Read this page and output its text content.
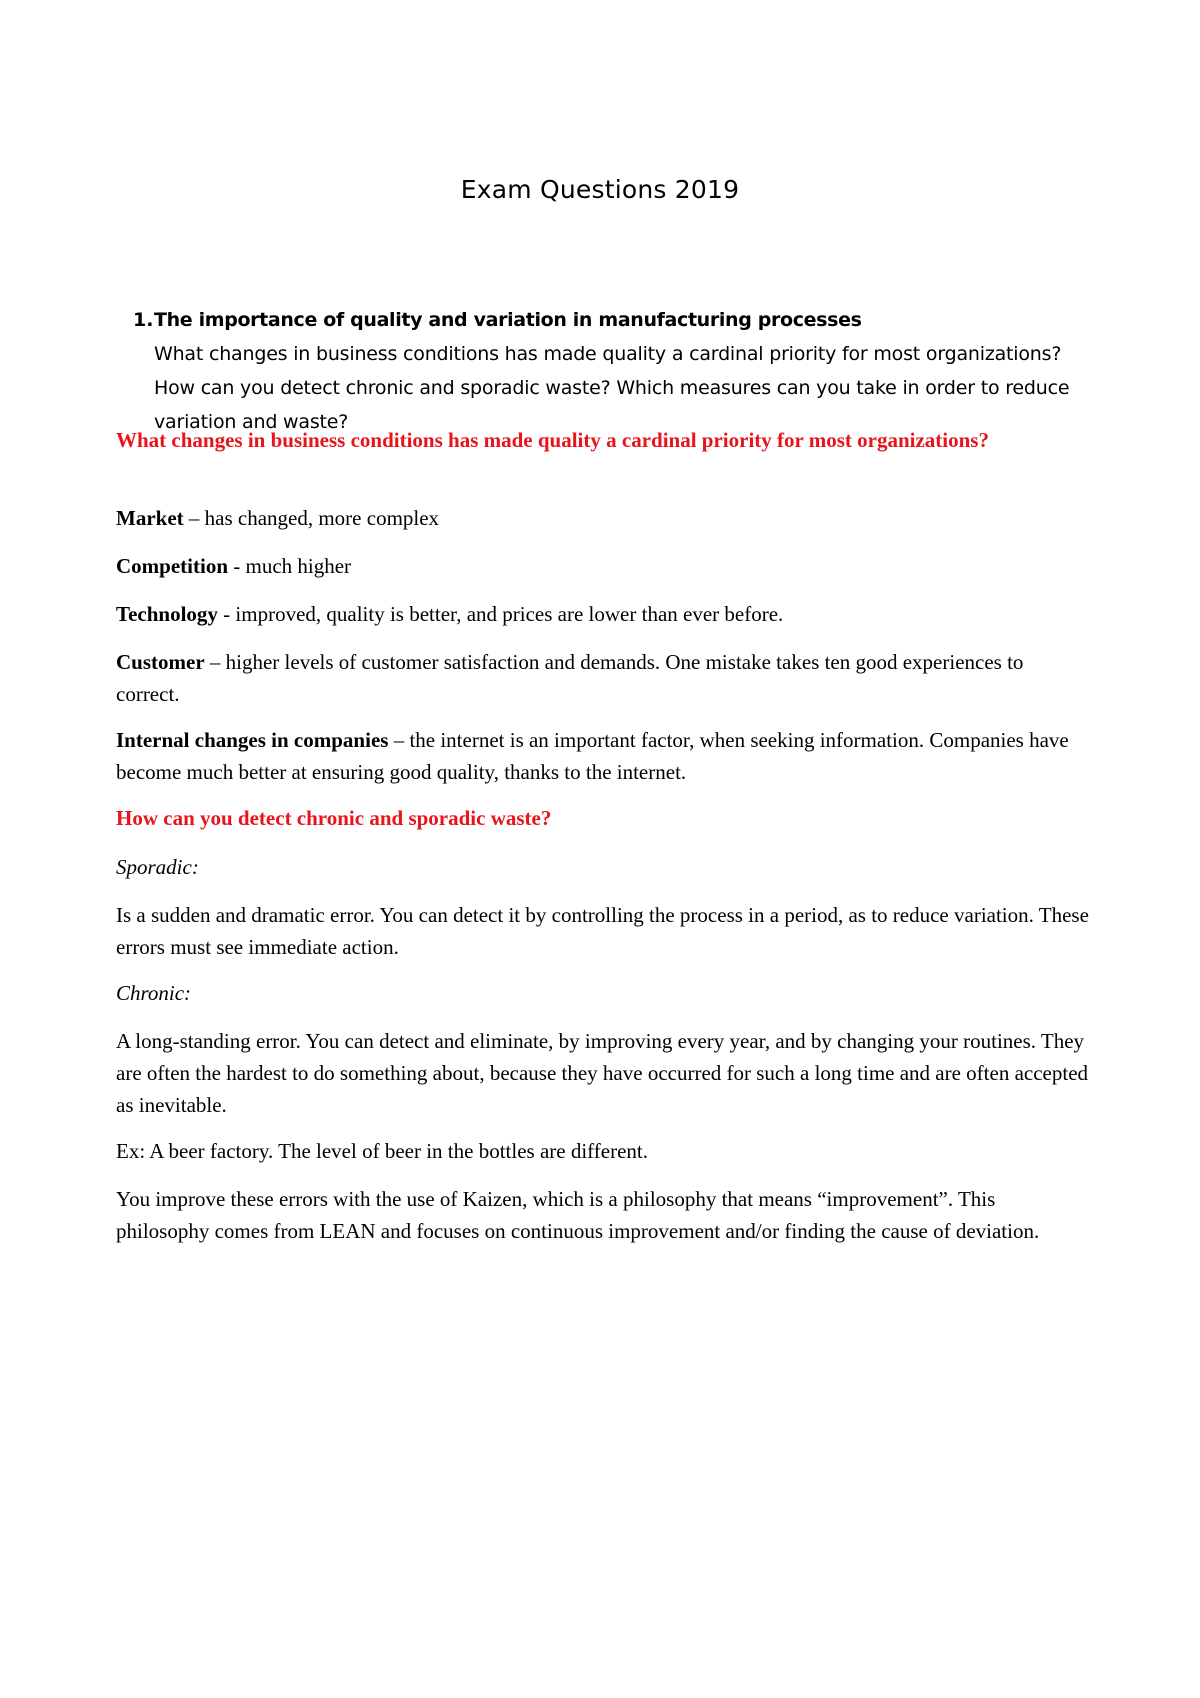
Exam Questions 2019
1. The importance of quality and variation in manufacturing processes
What changes in business conditions has made quality a cardinal priority for most organizations? How can you detect chronic and sporadic waste? Which measures can you take in order to reduce variation and waste?
What changes in business conditions has made quality a cardinal priority for most organizations?
Market – has changed, more complex
Competition - much higher
Technology - improved, quality is better, and prices are lower than ever before.
Customer – higher levels of customer satisfaction and demands. One mistake takes ten good experiences to correct.
Internal changes in companies – the internet is an important factor, when seeking information. Companies have become much better at ensuring good quality, thanks to the internet.
How can you detect chronic and sporadic waste?
Sporadic:
Is a sudden and dramatic error. You can detect it by controlling the process in a period, as to reduce variation. These errors must see immediate action.
Chronic:
A long-standing error. You can detect and eliminate, by improving every year, and by changing your routines. They are often the hardest to do something about, because they have occurred for such a long time and are often accepted as inevitable.
Ex: A beer factory. The level of beer in the bottles are different.
You improve these errors with the use of Kaizen, which is a philosophy that means “improvement”. This philosophy comes from LEAN and focuses on continuous improvement and/or finding the cause of deviation.
